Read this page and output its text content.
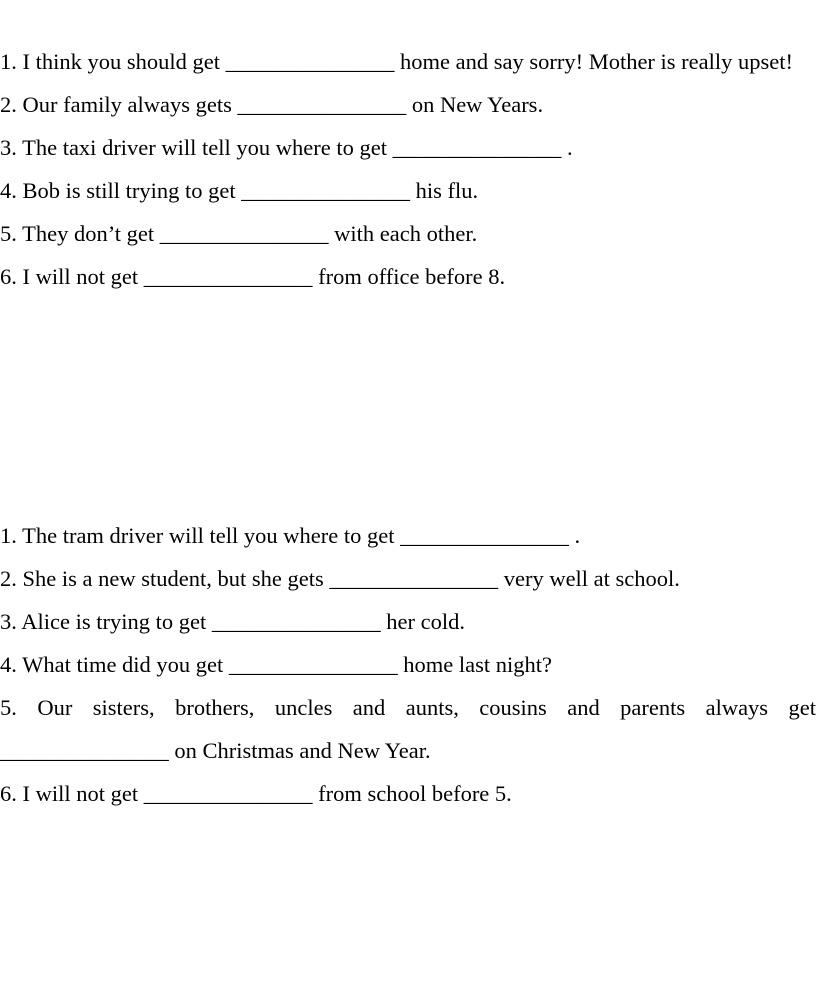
1. I think you should get _______________ home and say sorry! Mother is really upset!

2. Our family always gets _______________ on New Years.

3. The taxi driver will tell you where to get _______________ .

4. Bob is still trying to get _______________ his flu.

5. They don’t get _______________ with each other.

6. I will not get _______________ from office before 8.

1. The tram driver will tell you where to get _______________ .

2. She is a new student, but she gets _______________ very well at school.

3. Alice is trying to get _______________ her cold.

4. What time did you get _______________ home last night?

5. Our sisters, brothers, uncles and aunts, cousins and parents always get _______________ on Christmas and New Year.

6. I will not get _______________ from school before 5.
